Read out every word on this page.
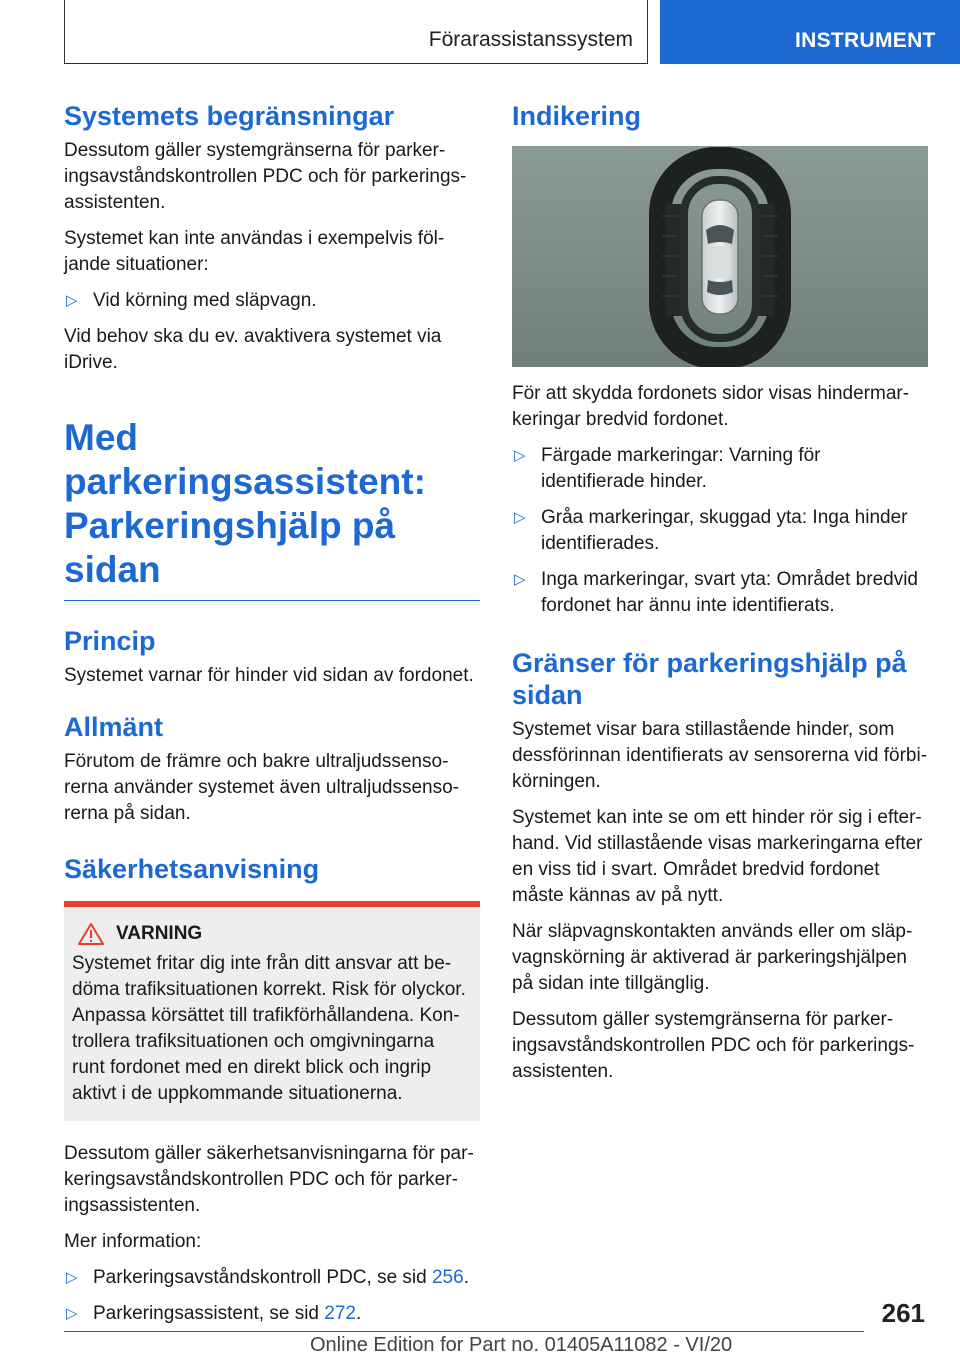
Förarassistanssystem	INSTRUMENT
Systemets begränsningar

Dessutom gäller systemgränserna för parkeringsavståndskontrollen PDC och för parkeringsassistenten.

Systemet kan inte användas i exempelvis följande situationer:

▷ Vid körning med släpvagn.

Vid behov ska du ev. avaktivera systemet via iDrive.

Med parkeringsassistent:
Parkeringshjälp på sidan
Princip

Systemet varnar för hinder vid sidan av fordonet.

Allmänt

Förutom de främre och bakre ultraljudssensorerna använder systemet även ultraljudssensorerna på sidan.

Säkerhetsanvisning
VARNING

Systemet fritar dig inte från ditt ansvar att bedöma trafiksituationen korrekt. Risk för olyckor. Anpassa körsättet till trafikförhållandena. Kontrollera trafiksituationen och omgivningarna runt fordonet med en direkt blick och ingrip aktivt i de uppkommande situationerna.

Dessutom gäller säkerhetsanvisningarna för parkeringsavståndskontrollen PDC och för parkeringsassistenten.

Mer information:

▷ Parkeringsavståndskontroll PDC, se sid 256.
▷ Parkeringsassistent, se sid 272.
Indikering

För att skydda fordonets sidor visas hindermarkeringar bredvid fordonet.

▷ Färgade markeringar: Varning för identifierade hinder.
▷ Gråa markeringar, skuggad yta: Inga hinder identifierades.
▷ Inga markeringar, svart yta: Området bredvid fordonet har ännu inte identifierats.
Gränser för parkeringshjälp på sidan

Systemet visar bara stillastående hinder, som dessförinnan identifierats av sensorerna vid förbikörningen.

Systemet kan inte se om ett hinder rör sig i efterhand. Vid stillastående visas markeringarna efter en viss tid i svart. Området bredvid fordonet måste kännas av på nytt.

När släpvagnskontakten används eller om släpvagnskörning är aktiverad är parkeringshjälpen på sidan inte tillgänglig.

Dessutom gäller systemgränserna för parkeringsavståndskontrollen PDC och för parkeringsassistenten.

261
Online Edition for Part no. 01405A11082 - VI/20
